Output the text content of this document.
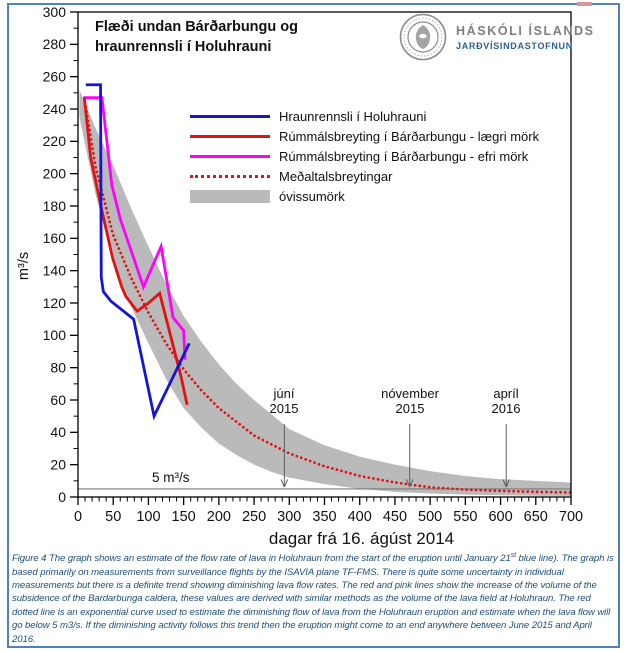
0 50 100 150 200 250 300 350 400 450 500 550 600 650 700
0
20
40
60
80
100
120
140
160
180
200
220
240
260
280
300
Flæði undan Bárðarbungu og hraunrennsli í Holuhrauni
HÁSKÓLI ÍSLANDS
JARÐVÍSINDASTOFNUN
Hraunrennsli í Holuhrauni
Rúmmálsbreyting í Bárðarbungu - lægri mörk
Rúmmálsbreyting í Bárðarbungu - efri mörk
Meðaltalsbreytingar
óvissumörk
m³/s
dagar frá 16. ágúst 2014
5 m³/s
júní
2015
nóvember
2015
apríl
2016
Figure 4 The graph shows an estimate of the flow rate of lava in Holuhraun from the start of the eruption until January 21st blue line). The graph is based primarily on measurements from surveillance flights by the ISAVIA plane TF-FMS. There is quite some uncertainty in individual measurements but there is a definite trend showing diminishing lava flow rates. The red and pink lines show the increase of the volume of the subsidence of the Bardarbunga caldera, these values are derived with similar methods as the volume of the lava field at Holuhraun. The red dotted line is an exponential curve used to estimate the diminishing flow of lava from the Holuhraun eruption and estimate when the lava flow will go below 5 m3/s. If the diminishing activity follows this trend then the eruption might come to an end anywhere between June 2015 and April 2016.
